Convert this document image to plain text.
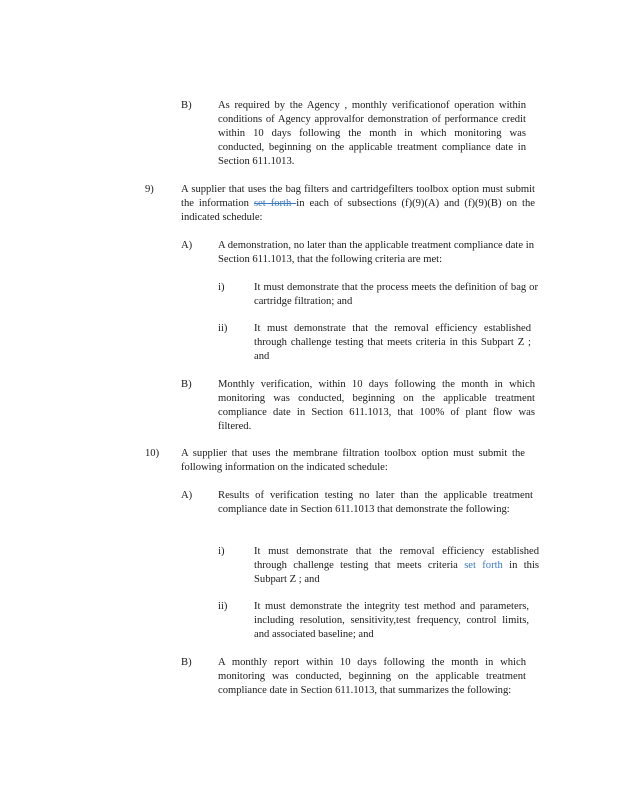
B) As required by the Agency , monthly verificationof operation within conditions of Agency approvalfor demonstration of performance credit within 10 days following the month in which monitoring was conducted, beginning on the applicable treatment compliance date in Section 611.1013.
9)	A supplier that uses the bag filters and cartridgefilters toolbox option must submit the information set forth in each of subsections (f)(9)(A) and (f)(9)(B) on the indicated schedule:
A) A demonstration, no later than the applicable treatment compliance date in Section 611.1013, that the following criteria are met:
i)	It must demonstrate that the process meets the definition of bag or cartridge filtration; and
ii)	It must demonstrate that the removal efficiency established through challenge testing that meets criteria in this Subpart Z ; and
B) Monthly verification, within 10 days following the month in which monitoring was conducted, beginning on the applicable treatment compliance date in Section 611.1013, that 100% of plant flow was filtered.
10) A supplier that uses the membrane filtration toolbox option must submit the following information on the indicated schedule:
A) Results of verification testing no later than the applicable treatment compliance date in Section 611.1013 that demonstrate the following:
i)	It must demonstrate that the removal efficiency established through challenge testing that meets criteria set forth in this Subpart Z ; and
ii)	It must demonstrate the integrity test method and parameters, including resolution, sensitivity,test frequency, control limits, and associated baseline; and
B) A monthly report within 10 days following the month in which monitoring was conducted, beginning on the applicable treatment compliance date in Section 611.1013, that summarizes the following:
